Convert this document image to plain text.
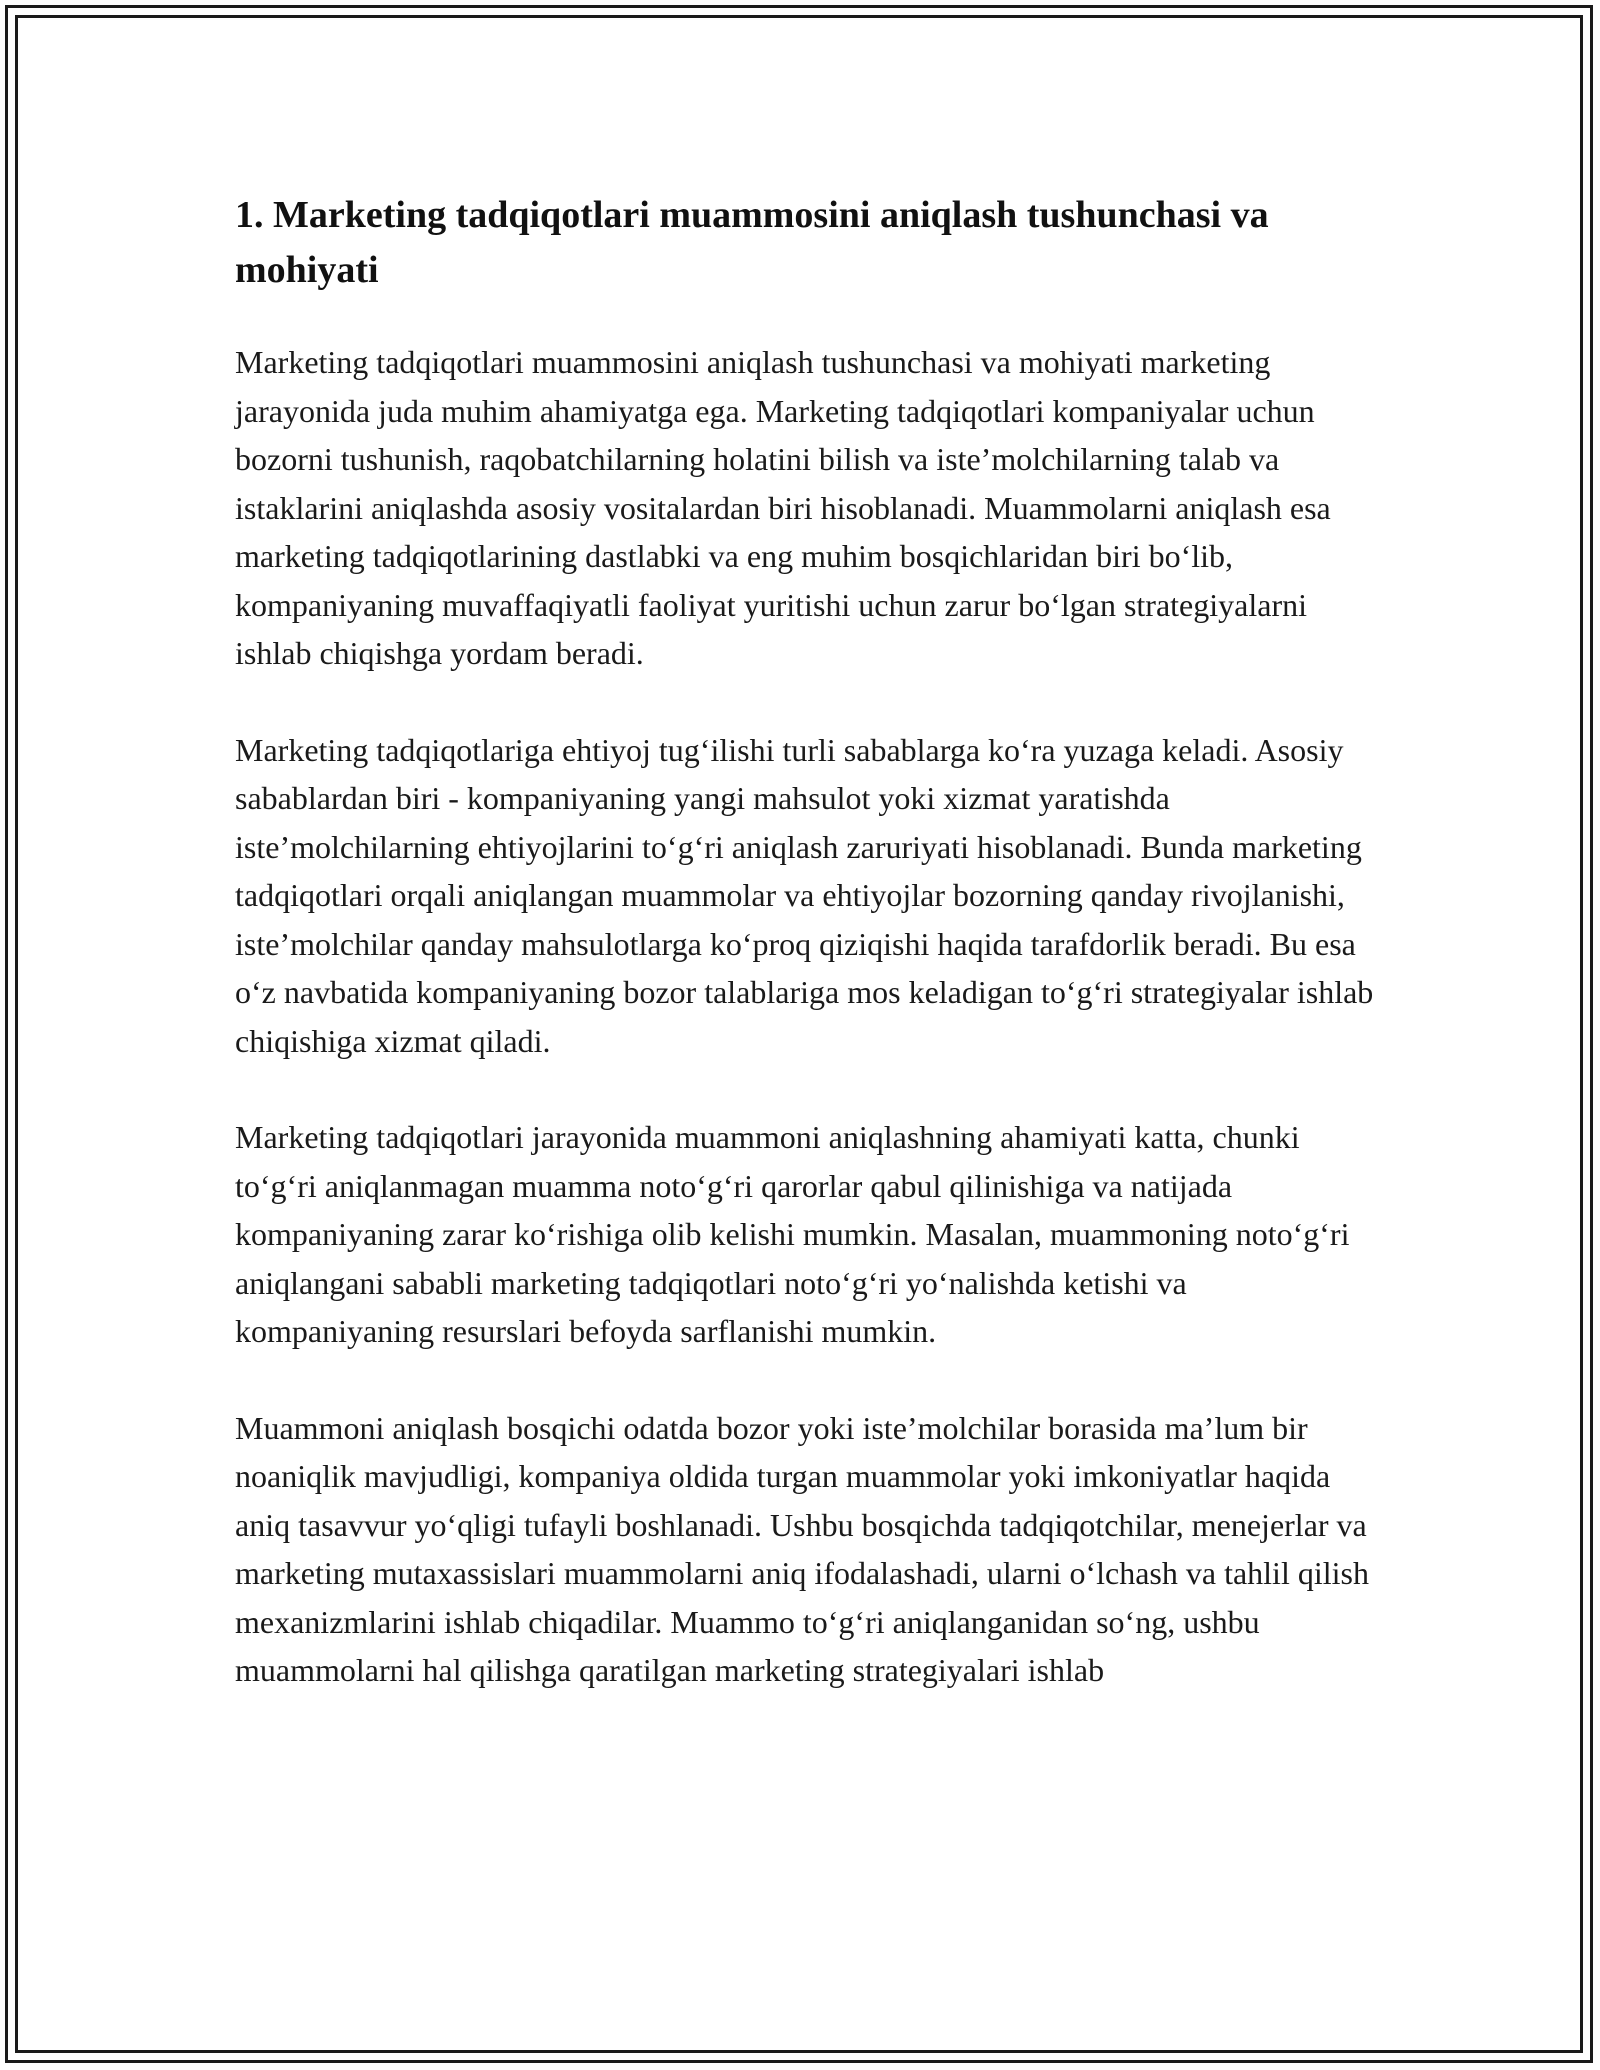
1. Marketing tadqiqotlari muammosini aniqlash tushunchasi va mohiyati

Marketing tadqiqotlari muammosini aniqlash tushunchasi va mohiyati marketing jarayonida juda muhim ahamiyatga ega. Marketing tadqiqotlari kompaniyalar uchun bozorni tushunish, raqobatchilarning holatini bilish va iste’molchilarning talab va istaklarini aniqlashda asosiy vositalardan biri hisoblanadi. Muammolarni aniqlash esa marketing tadqiqotlarining dastlabki va eng muhim bosqichlaridan biri bo‘lib, kompaniyaning muvaffaqiyatli faoliyat yuritishi uchun zarur bo‘lgan strategiyalarni ishlab chiqishga yordam beradi.

Marketing tadqiqotlariga ehtiyoj tug‘ilishi turli sabablarga ko‘ra yuzaga keladi. Asosiy sabablardan biri - kompaniyaning yangi mahsulot yoki xizmat yaratishda iste’molchilarning ehtiyojlarini to‘g‘ri aniqlash zaruriyati hisoblanadi. Bunda marketing tadqiqotlari orqali aniqlangan muammolar va ehtiyojlar bozorning qanday rivojlanishi, iste’molchilar qanday mahsulotlarga ko‘proq qiziqishi haqida tarafdorlik beradi. Bu esa o‘z navbatida kompaniyaning bozor talablariga mos keladigan to‘g‘ri strategiyalar ishlab chiqishiga xizmat qiladi.

Marketing tadqiqotlari jarayonida muammoni aniqlashning ahamiyati katta, chunki to‘g‘ri aniqlanmagan muamma noto‘g‘ri qarorlar qabul qilinishiga va natijada kompaniyaning zarar ko‘rishiga olib kelishi mumkin. Masalan, muammoning noto‘g‘ri aniqlangani sababli marketing tadqiqotlari noto‘g‘ri yo‘nalishda ketishi va kompaniyaning resurslari befoyda sarflanishi mumkin.

Muammoni aniqlash bosqichi odatda bozor yoki iste’molchilar borasida ma’lum bir noaniqlik mavjudligi, kompaniya oldida turgan muammolar yoki imkoniyatlar haqida aniq tasavvur yo‘qligi tufayli boshlanadi. Ushbu bosqichda tadqiqotchilar, menejerlar va marketing mutaxassislari muammolarni aniq ifodalashadi, ularni o‘lchash va tahlil qilish mexanizmlarini ishlab chiqadilar. Muammo to‘g‘ri aniqlanganidan so‘ng, ushbu muammolarni hal qilishga qaratilgan marketing strategiyalari ishlab
